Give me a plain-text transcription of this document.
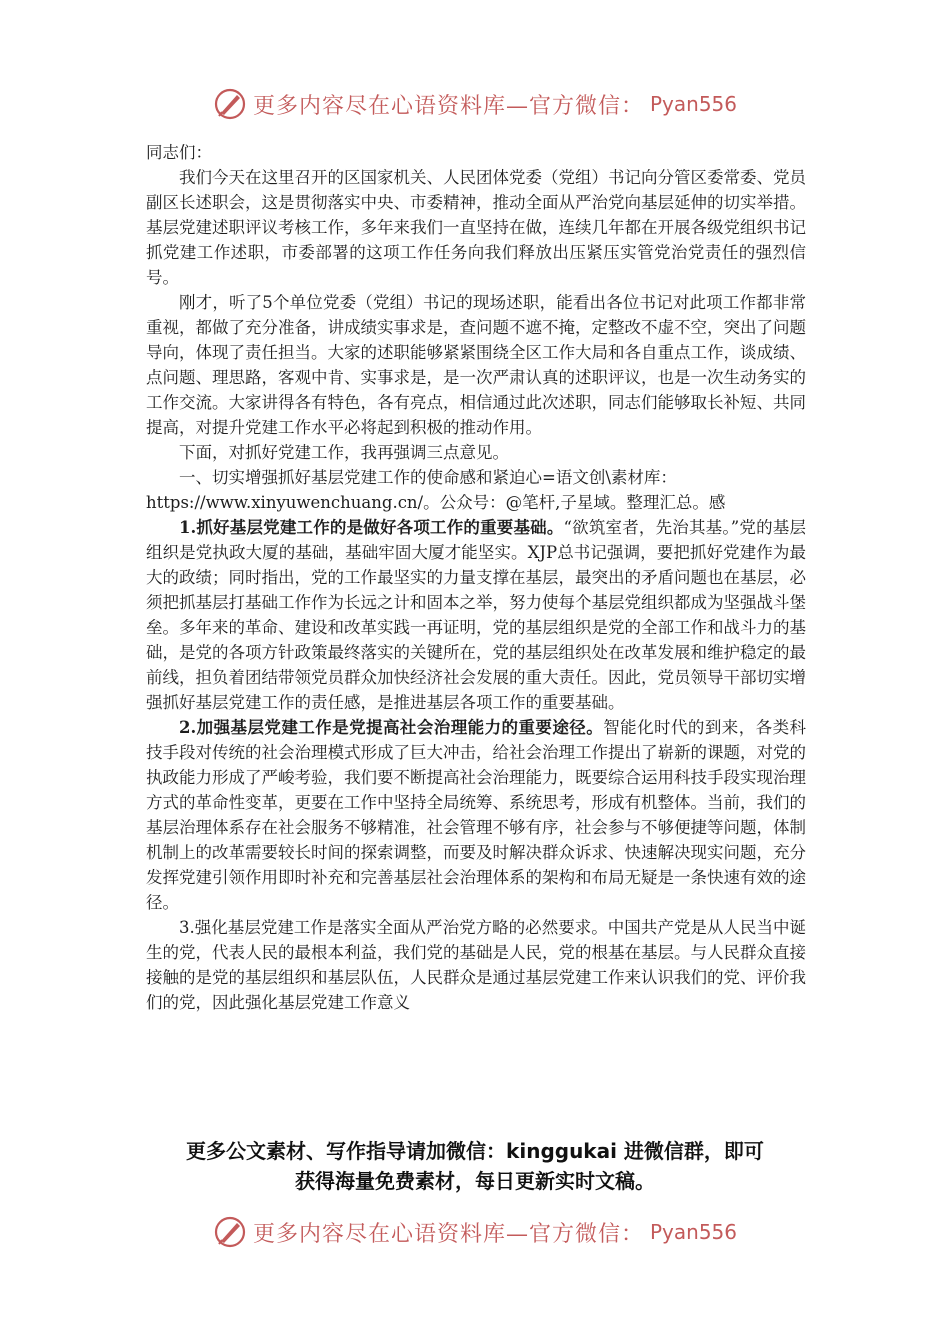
更多内容尽在心语资料库—官方微信： Pyan556

同志们：

我们今天在这里召开的区国家机关、人民团体党委（党组）书记向分管区委常委、党员副区长述职会，这是贯彻落实中央、市委精神，推动全面从严治党向基层延伸的切实举措。基层党建述职评议考核工作，多年来我们一直坚持在做，连续几年都在开展各级党组织书记抓党建工作述职，市委部署的这项工作任务向我们释放出压紧压实管党治党责任的强烈信号。

刚才，听了5个单位党委（党组）书记的现场述职，能看出各位书记对此项工作都非常重视，都做了充分准备，讲成绩实事求是，查问题不遮不掩，定整改不虚不空，突出了问题导向，体现了责任担当。大家的述职能够紧紧围绕全区工作大局和各自重点工作，谈成绩、点问题、理思路，客观中肯、实事求是，是一次严肃认真的述职评议，也是一次生动务实的工作交流。大家讲得各有特色，各有亮点，相信通过此次述职，同志们能够取长补短、共同提高，对提升党建工作水平必将起到积极的推动作用。

下面，对抓好党建工作，我再强调三点意见。

一、切实增强抓好基层党建工作的使命感和紧迫心=语文创\素材库：

https://www.xinyuwenchuang.cn/。公众号：@笔杆,子星域。整理汇总。感

1.抓好基层党建工作的是做好各项工作的重要基础。“欲筑室者，先治其基。”党的基层组织是党执政大厦的基础，基础牢固大厦才能坚实。XJP总书记强调，要把抓好党建作为最大的政绩；同时指出，党的工作最坚实的力量支撑在基层，最突出的矛盾问题也在基层，必须把抓基层打基础工作作为长远之计和固本之举，努力使每个基层党组织都成为坚强战斗堡垒。多年来的革命、建设和改革实践一再证明，党的基层组织是党的全部工作和战斗力的基础，是党的各项方针政策最终落实的关键所在，党的基层组织处在改革发展和维护稳定的最前线，担负着团结带领党员群众加快经济社会发展的重大责任。因此，党员领导干部切实增强抓好基层党建工作的责任感，是推进基层各项工作的重要基础。

2.加强基层党建工作是党提高社会治理能力的重要途径。智能化时代的到来，各类科技手段对传统的社会治理模式形成了巨大冲击，给社会治理工作提出了崭新的课题，对党的执政能力形成了严峻考验，我们要不断提高社会治理能力，既要综合运用科技手段实现治理方式的革命性变革，更要在工作中坚持全局统筹、系统思考，形成有机整体。当前，我们的基层治理体系存在社会服务不够精准，社会管理不够有序，社会参与不够便捷等问题，体制机制上的改革需要较长时间的探索调整，而要及时解决群众诉求、快速解决现实问题，充分发挥党建引领作用即时补充和完善基层社会治理体系的架构和布局无疑是一条快速有效的途径。

3.强化基层党建工作是落实全面从严治党方略的必然要求。中国共产党是从人民当中诞生的党，代表人民的最根本利益，我们党的基础是人民，党的根基在基层。与人民群众直接接触的是党的基层组织和基层队伍，人民群众是通过基层党建工作来认识我们的党、评价我们的党，因此强化基层党建工作意义

更多公文素材、写作指导请加微信：kinggukai 进微信群，即可
获得海量免费素材，每日更新实时文稿。
更多内容尽在心语资料库—官方微信： Pyan556
